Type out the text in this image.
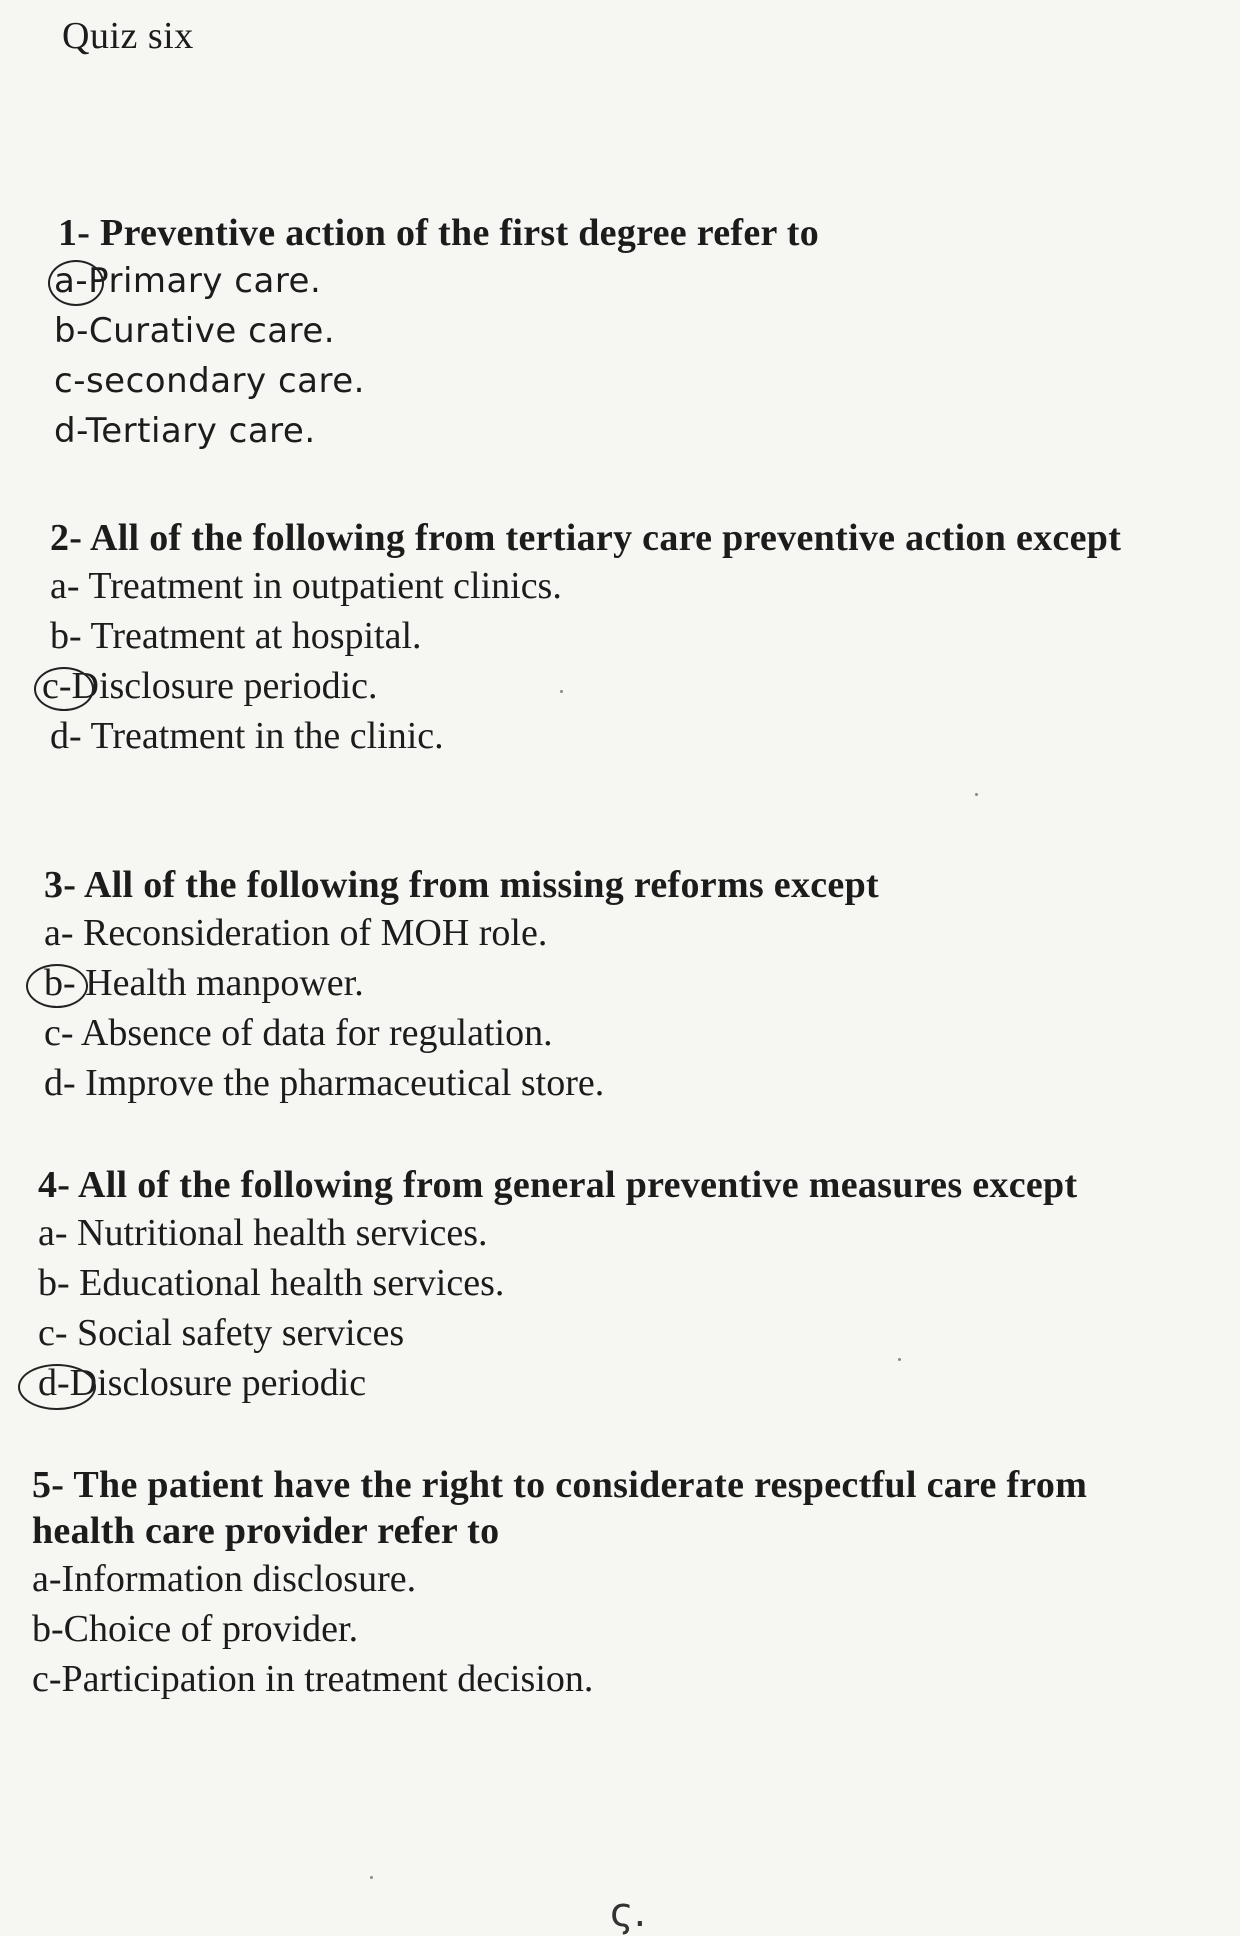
Quiz six
1- Preventive action of the first degree refer to
a-Primary care.
b-Curative care.
c-secondary care.
d-Tertiary care.
2- All of the following from tertiary care preventive action except
a- Treatment in outpatient clinics.
b- Treatment at hospital.
c-Disclosure periodic.
d- Treatment in the clinic.
3- All of the following from missing reforms except
a- Reconsideration of MOH role.
b- Health manpower.
c- Absence of data for regulation.
d- Improve the pharmaceutical store.
4- All of the following from general preventive measures except
a- Nutritional health services.
b- Educational health services.
c- Social safety services
d-Disclosure periodic
5- The patient have the right to considerate respectful care from  health care provider refer to
a-Information disclosure.
b-Choice of provider.
c-Participation in treatment decision.
ς.
